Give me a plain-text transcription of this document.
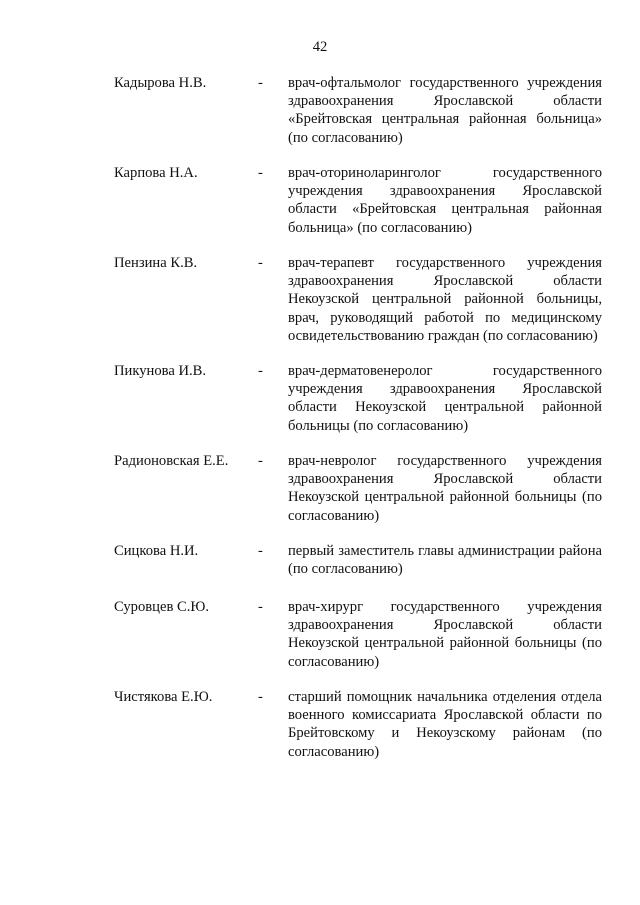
42
Кадырова Н.В.	-	врач-офтальмолог государственного учреждения здравоохранения Ярославской области «Брейтовская центральная районная больница» (по согласованию)
Карпова Н.А.	-	врач-оториноларинголог государственного учреждения здравоохранения Ярославской области «Брейтовская центральная районная больница» (по согласованию)
Пензина К.В.	-	врач-терапевт государственного учреждения здравоохранения Ярославской области Некоузской центральной районной больницы, врач, руководящий работой по медицинскому освидетельствованию граждан (по согласованию)
Пикунова И.В.	-	врач-дерматовенеролог государственного учреждения здравоохранения Ярославской области Некоузской центральной районной больницы (по согласованию)
Радионовская Е.Е.	-	врач-невролог государственного учреждения здравоохранения Ярославской области Некоузской центральной районной больницы (по согласованию)
Сицкова Н.И.	-	первый заместитель главы администрации района (по согласованию)
Суровцев С.Ю.	-	врач-хирург государственного учреждения здравоохранения Ярославской области Некоузской центральной районной больницы (по согласованию)
Чистякова Е.Ю.	-	старший помощник начальника отделения отдела военного комиссариата Ярославской области по Брейтовскому и Некоузскому районам (по согласованию)
